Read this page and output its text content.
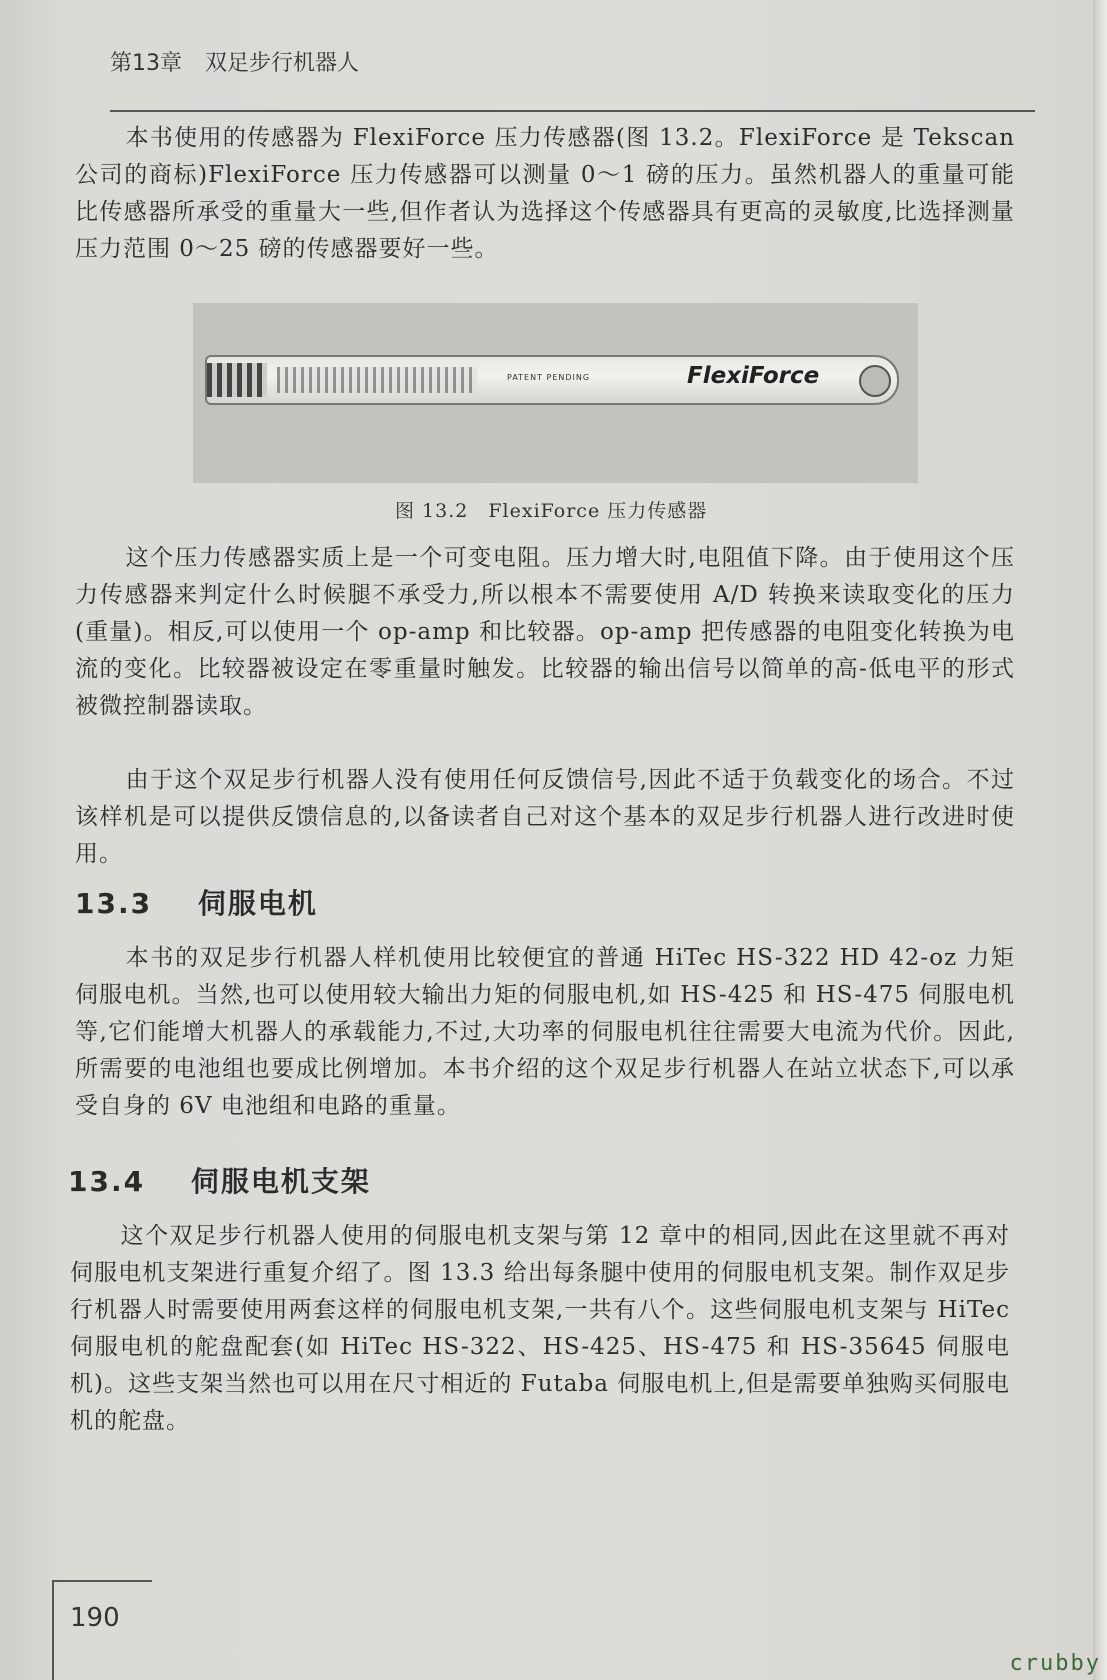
第13章 双足步行机器人

本书使用的传感器为 FlexiForce 压力传感器(图 13.2。FlexiForce 是 Tekscan 公司的商标)FlexiForce 压力传感器可以测量 0～1 磅的压力。虽然机器人的重量可能比传感器所承受的重量大一些,但作者认为选择这个传感器具有更高的灵敏度,比选择测量压力范围 0～25 磅的传感器要好一些。

PATENT PENDING	FlexiForce
图 13.2　FlexiForce 压力传感器

这个压力传感器实质上是一个可变电阻。压力增大时,电阻值下降。由于使用这个压力传感器来判定什么时候腿不承受力,所以根本不需要使用 A/D 转换来读取变化的压力(重量)。相反,可以使用一个 op-amp 和比较器。op-amp 把传感器的电阻变化转换为电流的变化。比较器被设定在零重量时触发。比较器的输出信号以简单的高-低电平的形式被微控制器读取。

由于这个双足步行机器人没有使用任何反馈信号,因此不适于负载变化的场合。不过该样机是可以提供反馈信息的,以备读者自己对这个基本的双足步行机器人进行改进时使用。

13.3 伺服电机

本书的双足步行机器人样机使用比较便宜的普通 HiTec HS-322 HD 42-oz 力矩伺服电机。当然,也可以使用较大输出力矩的伺服电机,如 HS-425 和 HS-475 伺服电机等,它们能增大机器人的承载能力,不过,大功率的伺服电机往往需要大电流为代价。因此,所需要的电池组也要成比例增加。本书介绍的这个双足步行机器人在站立状态下,可以承受自身的 6V 电池组和电路的重量。

13.4 伺服电机支架

这个双足步行机器人使用的伺服电机支架与第 12 章中的相同,因此在这里就不再对伺服电机支架进行重复介绍了。图 13.3 给出每条腿中使用的伺服电机支架。制作双足步行机器人时需要使用两套这样的伺服电机支架,一共有八个。这些伺服电机支架与 HiTec 伺服电机的舵盘配套(如 HiTec HS-322、HS-425、HS-475 和 HS-35645 伺服电机)。这些支架当然也可以用在尺寸相近的 Futaba 伺服电机上,但是需要单独购买伺服电机的舵盘。

190
crubby
